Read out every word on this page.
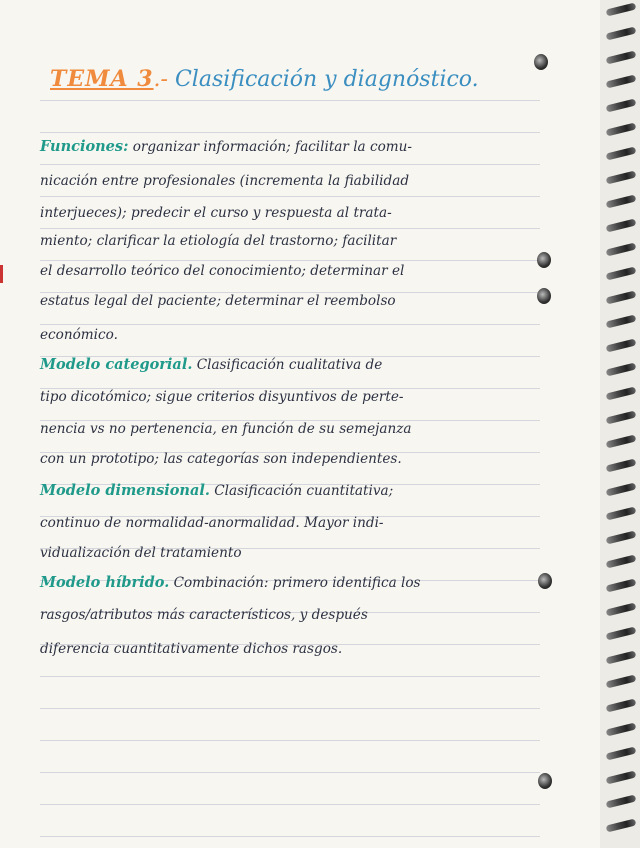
TEMA 3.- Clasificación y diagnóstico.
Funciones: organizar información; facilitar la comu-
nicación entre profesionales (incrementa la fiabilidad
interjueces); predecir el curso y respuesta al trata-
miento; clarificar la etiología del trastorno; facilitar
el desarrollo teórico del conocimiento; determinar el
estatus legal del paciente; determinar el reembolso
económico.
Modelo categorial. Clasificación cualitativa de
tipo dicotómico; sigue criterios disyuntivos de perte-
nencia vs no pertenencia, en función de su semejanza
con un prototipo; las categorías son independientes.
Modelo dimensional. Clasificación cuantitativa;
continuo de normalidad-anormalidad. Mayor indi-
vidualización del tratamiento
Modelo híbrido. Combinación: primero identifica los
rasgos/atributos más característicos, y después
diferencia cuantitativamente dichos rasgos.
